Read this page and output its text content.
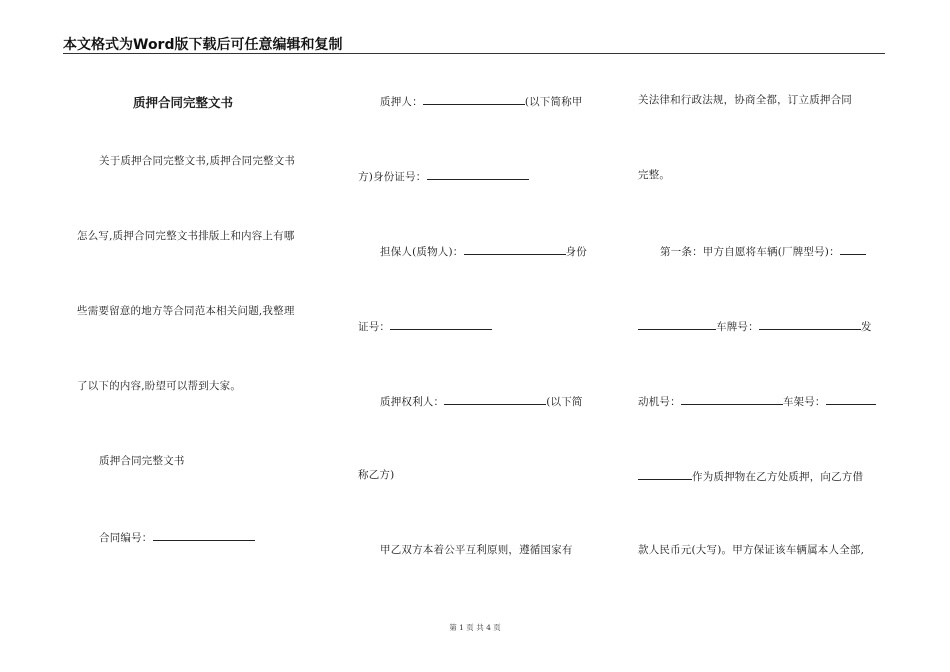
本文格式为Word版下载后可任意编辑和复制
质押合同完整文书
关于质押合同完整文书,质押合同完整文书
怎么写,质押合同完整文书排版上和内容上有哪
些需要留意的地方等合同范本相关问题,我整理
了以下的内容,盼望可以帮到大家。
质押合同完整文书
合同编号：
质押人：	(以下简称甲
方)身份证号：
担保人(质物人)：	身份
证号：
质押权利人：	(以下简
称乙方)
甲乙双方本着公平互利原则，遵循国家有
关法律和行政法规，协商全都，订立质押合同
完整。
第一条：甲方自愿将车辆(厂牌型号)：
车牌号：	发
动机号：	车架号：
作为质押物在乙方处质押，向乙方借
款人民币元(大写)。甲方保证该车辆属本人全部,
第 1 页 共 4 页
